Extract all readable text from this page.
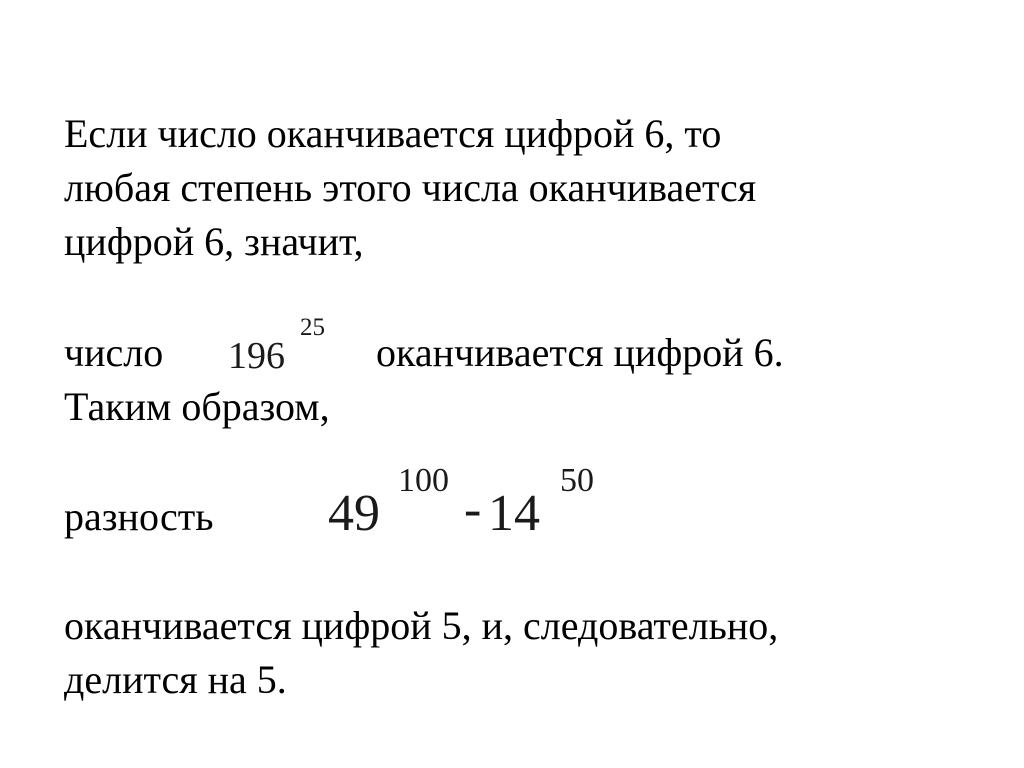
Если число оканчивается цифрой 6, то
любая степень этого числа оканчивается
цифрой 6, значит,
число 196
25
оканчивается цифрой 6.
Таким образом,
разность 49
100
- 14
50
оканчивается цифрой 5, и, следовательно,
делится на 5.
